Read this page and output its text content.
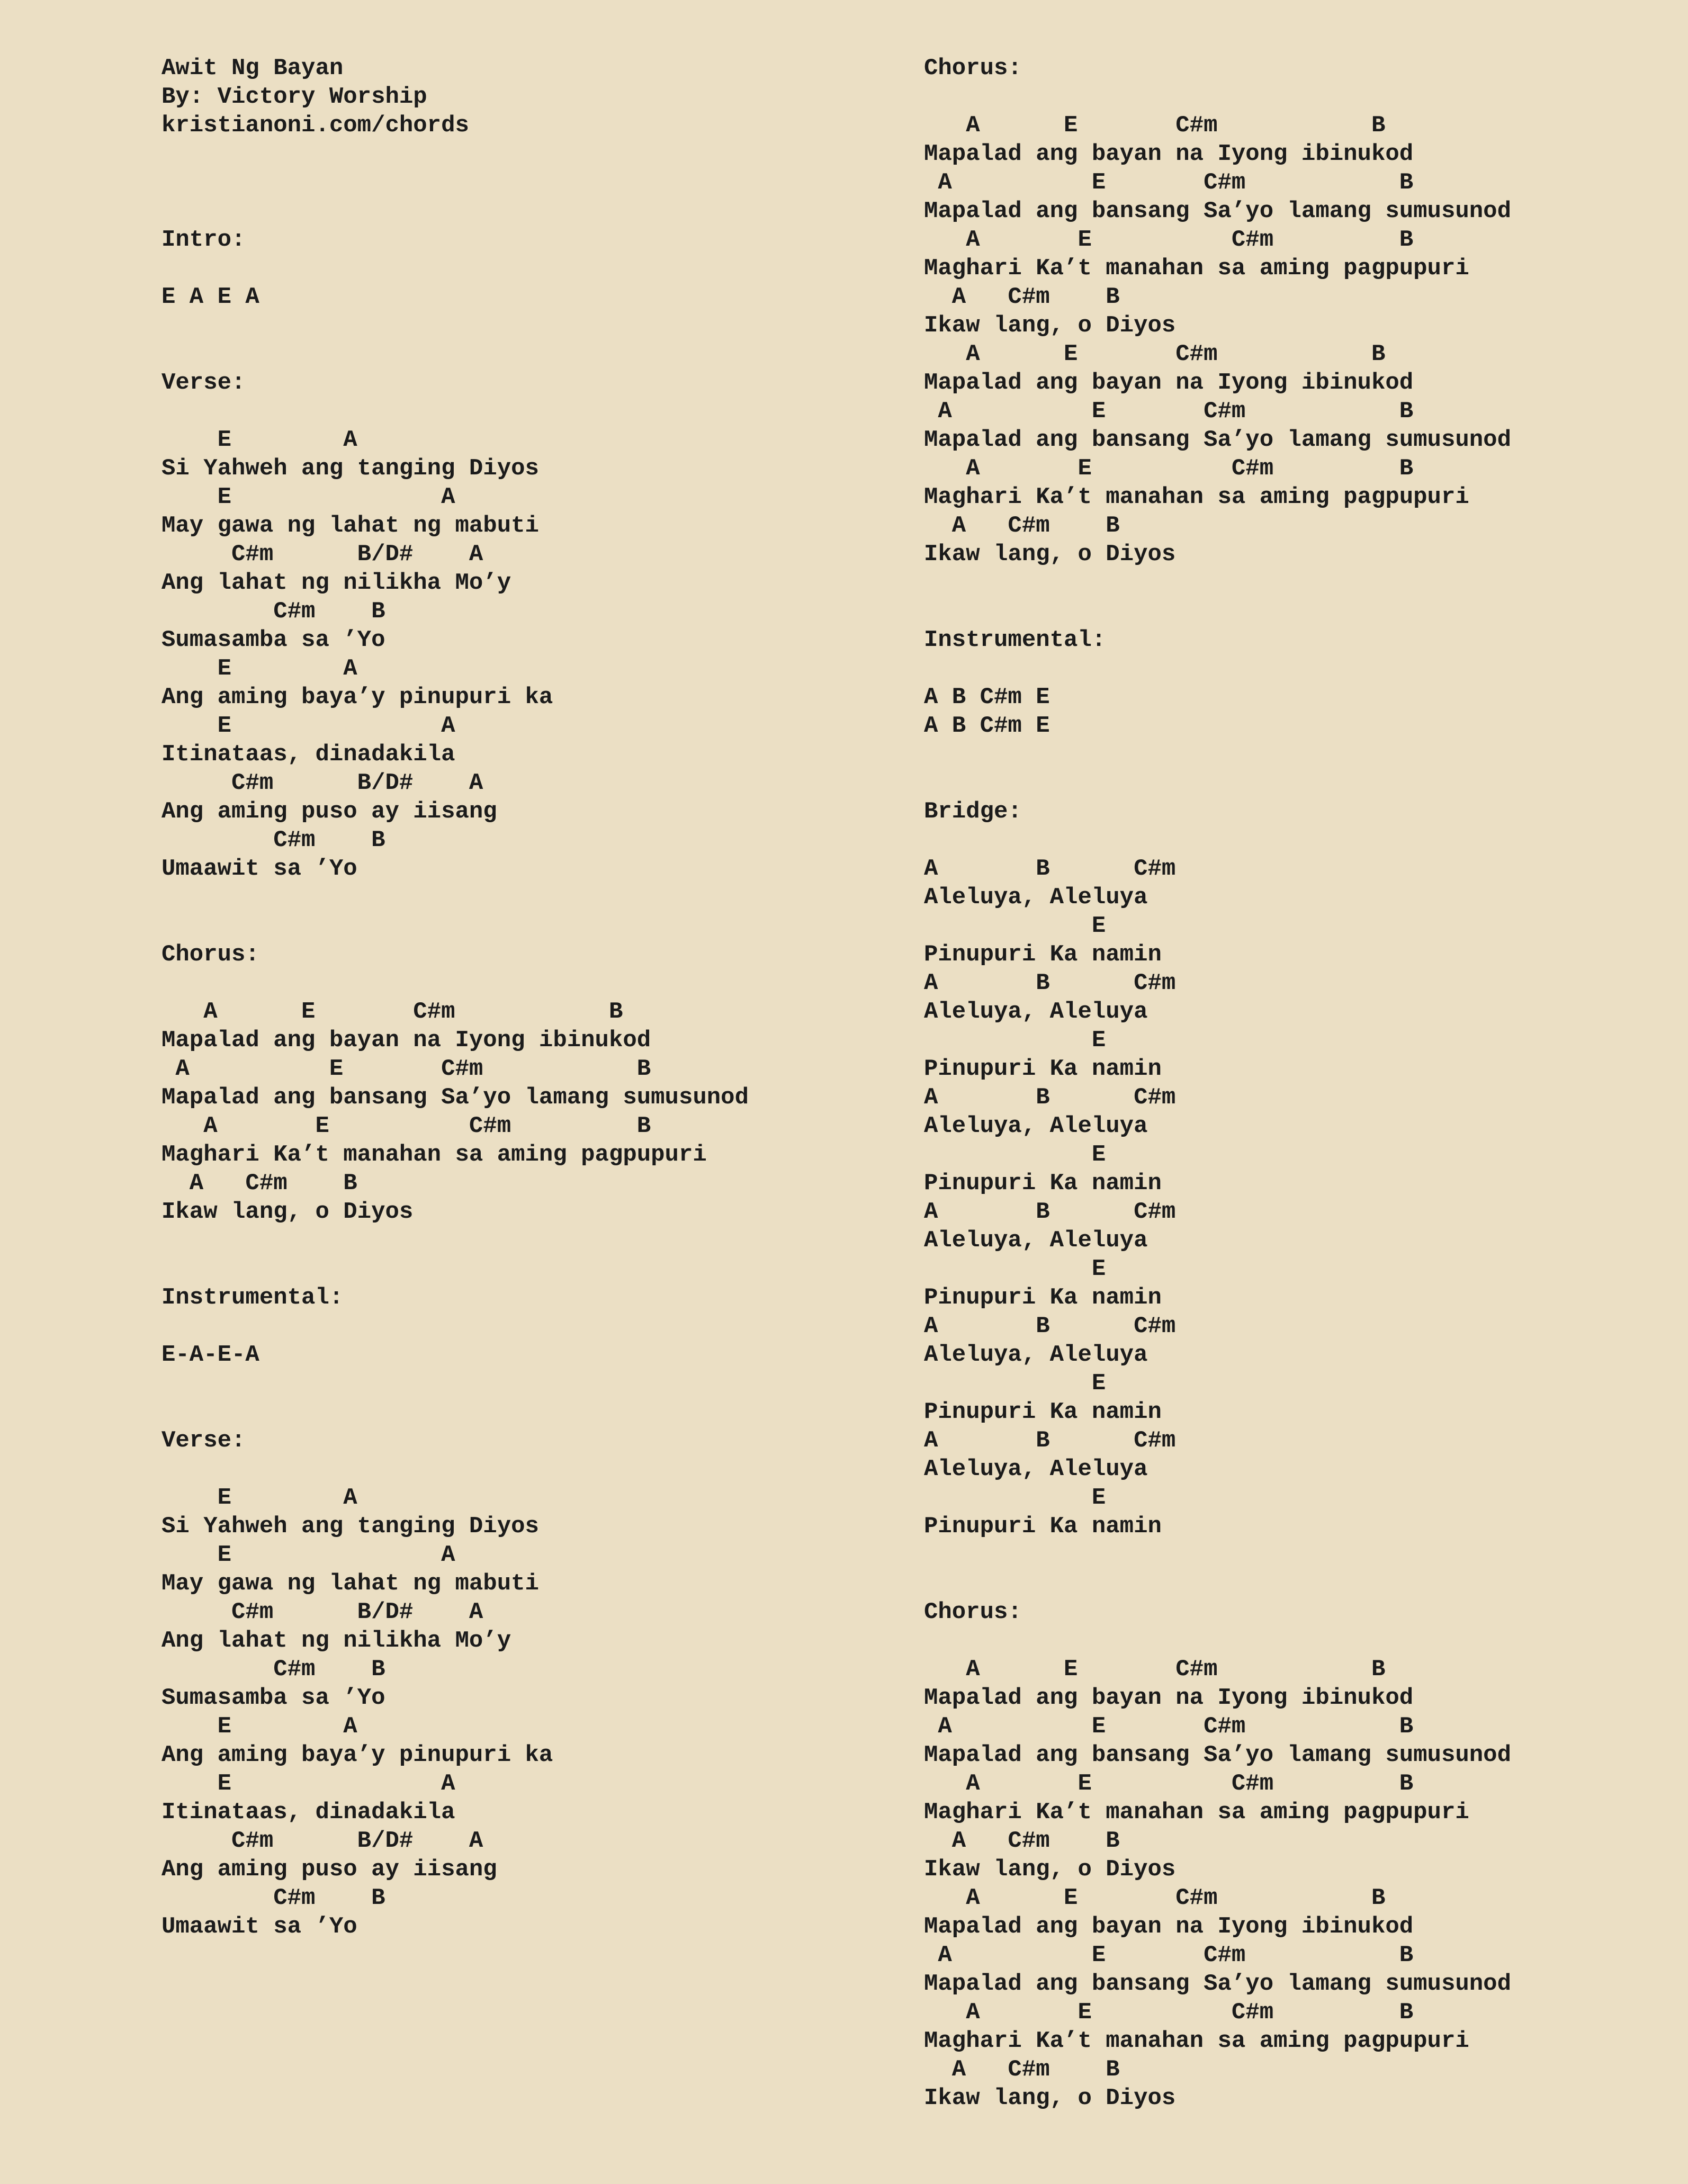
Awit Ng Bayan
By: Victory Worship
kristianoni.com/chords
Intro:
E A E A
Verse:
E        A
Si Yahweh ang tanging Diyos
E               A
May gawa ng lahat ng mabuti
C#m      B/D#    A
Ang lahat ng nilikha Mo’y
C#m    B
Sumasamba sa ’Yo
E        A
Ang aming baya’y pinupuri ka
E               A
Itinataas, dinadakila
C#m      B/D#    A
Ang aming puso ay iisang
C#m    B
Umaawit sa ’Yo
Chorus:
A      E       C#m           B
Mapalad ang bayan na Iyong ibinukod
A          E       C#m           B
Mapalad ang bansang Sa’yo lamang sumusunod
A       E          C#m         B
Maghari Ka’t manahan sa aming pagpupuri
A   C#m    B
Ikaw lang, o Diyos
Instrumental:
E-A-E-A
Verse:
E        A
Si Yahweh ang tanging Diyos
E               A
May gawa ng lahat ng mabuti
C#m      B/D#    A
Ang lahat ng nilikha Mo’y
C#m    B
Sumasamba sa ’Yo
E        A
Ang aming baya’y pinupuri ka
E               A
Itinataas, dinadakila
C#m      B/D#    A
Ang aming puso ay iisang
C#m    B
Umaawit sa ’Yo
Chorus:
A      E       C#m           B
Mapalad ang bayan na Iyong ibinukod
A          E       C#m           B
Mapalad ang bansang Sa’yo lamang sumusunod
A       E          C#m         B
Maghari Ka’t manahan sa aming pagpupuri
A   C#m    B
Ikaw lang, o Diyos
A      E       C#m           B
Mapalad ang bayan na Iyong ibinukod
A          E       C#m           B
Mapalad ang bansang Sa’yo lamang sumusunod
A       E          C#m         B
Maghari Ka’t manahan sa aming pagpupuri
A   C#m    B
Ikaw lang, o Diyos
Instrumental:
A B C#m E
A B C#m E
Bridge:
A       B      C#m
Aleluya, Aleluya
E
Pinupuri Ka namin
A       B      C#m
Aleluya, Aleluya
E
Pinupuri Ka namin
A       B      C#m
Aleluya, Aleluya
E
Pinupuri Ka namin
A       B      C#m
Aleluya, Aleluya
E
Pinupuri Ka namin
A       B      C#m
Aleluya, Aleluya
E
Pinupuri Ka namin
A       B      C#m
Aleluya, Aleluya
E
Pinupuri Ka namin
Chorus:
A      E       C#m           B
Mapalad ang bayan na Iyong ibinukod
A          E       C#m           B
Mapalad ang bansang Sa’yo lamang sumusunod
A       E          C#m         B
Maghari Ka’t manahan sa aming pagpupuri
A   C#m    B
Ikaw lang, o Diyos
A      E       C#m           B
Mapalad ang bayan na Iyong ibinukod
A          E       C#m           B
Mapalad ang bansang Sa’yo lamang sumusunod
A       E          C#m         B
Maghari Ka’t manahan sa aming pagpupuri
A   C#m    B
Ikaw lang, o Diyos
